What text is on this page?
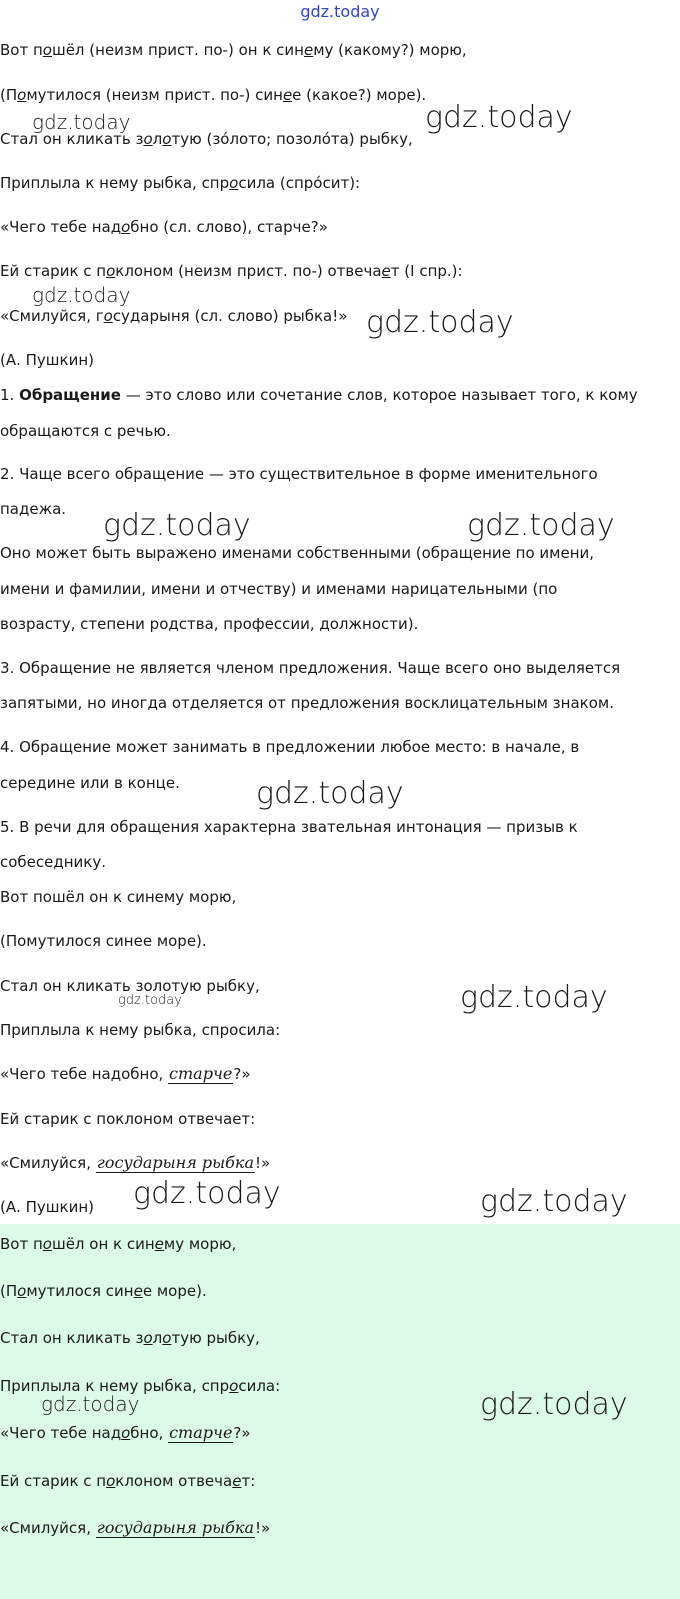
gdz.today
Вот пошёл (неизм прист. по-) он к синему (какому?) морю,
(Помутилося (неизм прист. по-) синее (какое?) море).
Стал он кликать золотую (зóлото; позолóта) рыбку,
Приплыла к нему рыбка, спросила (спрóсит):
«Чего тебе надобно (сл. слово), старче?»
Ей старик с поклоном (неизм прист. по-) отвечает (I спр.):
«Смилуйся, государыня (сл. слово) рыбка!»
(А. Пушкин)
1. Обращение — это слово или сочетание слов, которое называет того, к кому
обращаются с речью.
2. Чаще всего обращение — это существительное в форме именительного
падежа.
Оно может быть выражено именами собственными (обращение по имени,
имени и фамилии, имени и отчеству) и именами нарицательными (по
возрасту, степени родства, профессии, должности).
3. Обращение не является членом предложения. Чаще всего оно выделяется
запятыми, но иногда отделяется от предложения восклицательным знаком.
4. Обращение может занимать в предложении любое место: в начале, в
середине или в конце.
5. В речи для обращения характерна звательная интонация — призыв к
собеседнику.
Вот пошёл он к синему морю,
(Помутилося синее море).
Стал он кликать золотую рыбку,
Приплыла к нему рыбка, спросила:
«Чего тебе надобно, старче?»
Ей старик с поклоном отвечает:
«Смилуйся, государыня рыбка!»
(А. Пушкин)
Вот пошёл он к синему морю,
(Помутилося синее море).
Стал он кликать золотую рыбку,
Приплыла к нему рыбка, спросила:
«Чего тебе надобно, старче?»
Ей старик с поклоном отвечает:
«Смилуйся, государыня рыбка!»
gdz.today	gdz.today
gdz.today
gdz.today
gdz.today	gdz.today
gdz.today
gdz.today
gdz.today
gdz.today	gdz.today
gdz.today	gdz.today
